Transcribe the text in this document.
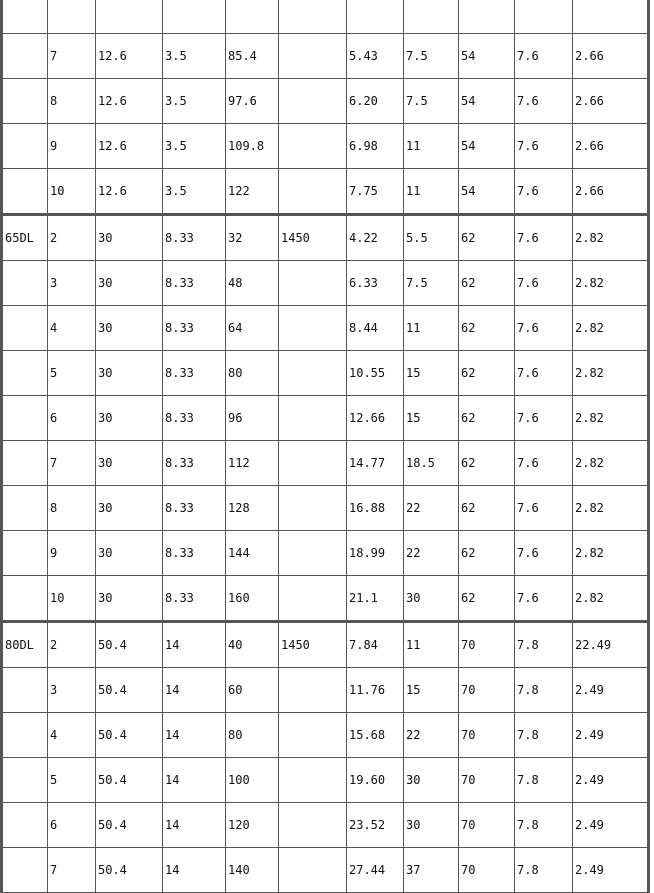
	7	12.6	3.5	85.4		5.43	7.5	54	7.6	2.66
	8	12.6	3.5	97.6		6.20	7.5	54	7.6	2.66
	9	12.6	3.5	109.8		6.98	11	54	7.6	2.66
	10	12.6	3.5	122		7.75	11	54	7.6	2.66
65DL	2	30	8.33	32	1450	4.22	5.5	62	7.6	2.82
	3	30	8.33	48		6.33	7.5	62	7.6	2.82
	4	30	8.33	64		8.44	11	62	7.6	2.82
	5	30	8.33	80		10.55	15	62	7.6	2.82
	6	30	8.33	96		12.66	15	62	7.6	2.82
	7	30	8.33	112		14.77	18.5	62	7.6	2.82
	8	30	8.33	128		16.88	22	62	7.6	2.82
	9	30	8.33	144		18.99	22	62	7.6	2.82
	10	30	8.33	160		21.1	30	62	7.6	2.82
80DL	2	50.4	14	40	1450	7.84	11	70	7.8	22.49
	3	50.4	14	60		11.76	15	70	7.8	2.49
	4	50.4	14	80		15.68	22	70	7.8	2.49
	5	50.4	14	100		19.60	30	70	7.8	2.49
	6	50.4	14	120		23.52	30	70	7.8	2.49
	7	50.4	14	140		27.44	37	70	7.8	2.49
